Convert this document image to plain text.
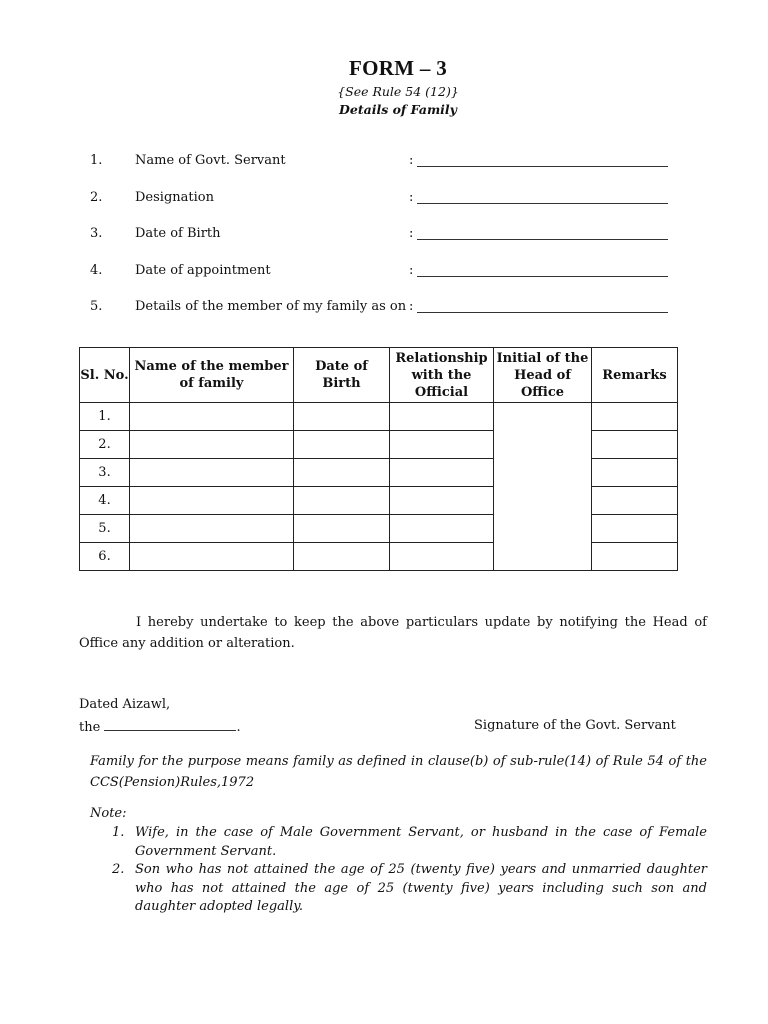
FORM – 3
{See Rule 54 (12)}
Details of Family
1.	Name of Govt. Servant	:
2.	Designation	:
3.	Date of Birth	:
4.	Date of appointment	:
5.	Details of the member of my family as on :
Sl. No.	Name of the member of family	Date of Birth	Relationship with the Official	Initial of the Head of Office	Remarks
1.					
2.					
3.					
4.					
5.					
6.					
I hereby undertake to keep the above particulars update by notifying the Head of Office any addition or alteration.
Dated Aizawl,
the	.	Signature of the Govt. Servant
Family for the purpose means family as defined in clause(b) of sub-rule(14) of Rule 54 of the CCS(Pension)Rules,1972
Note:
1. Wife, in the case of Male Government Servant, or husband in the case of Female Government Servant.
2. Son who has not attained the age of 25 (twenty five) years and unmarried daughter who has not attained the age of 25 (twenty five) years including such son and daughter adopted legally.
